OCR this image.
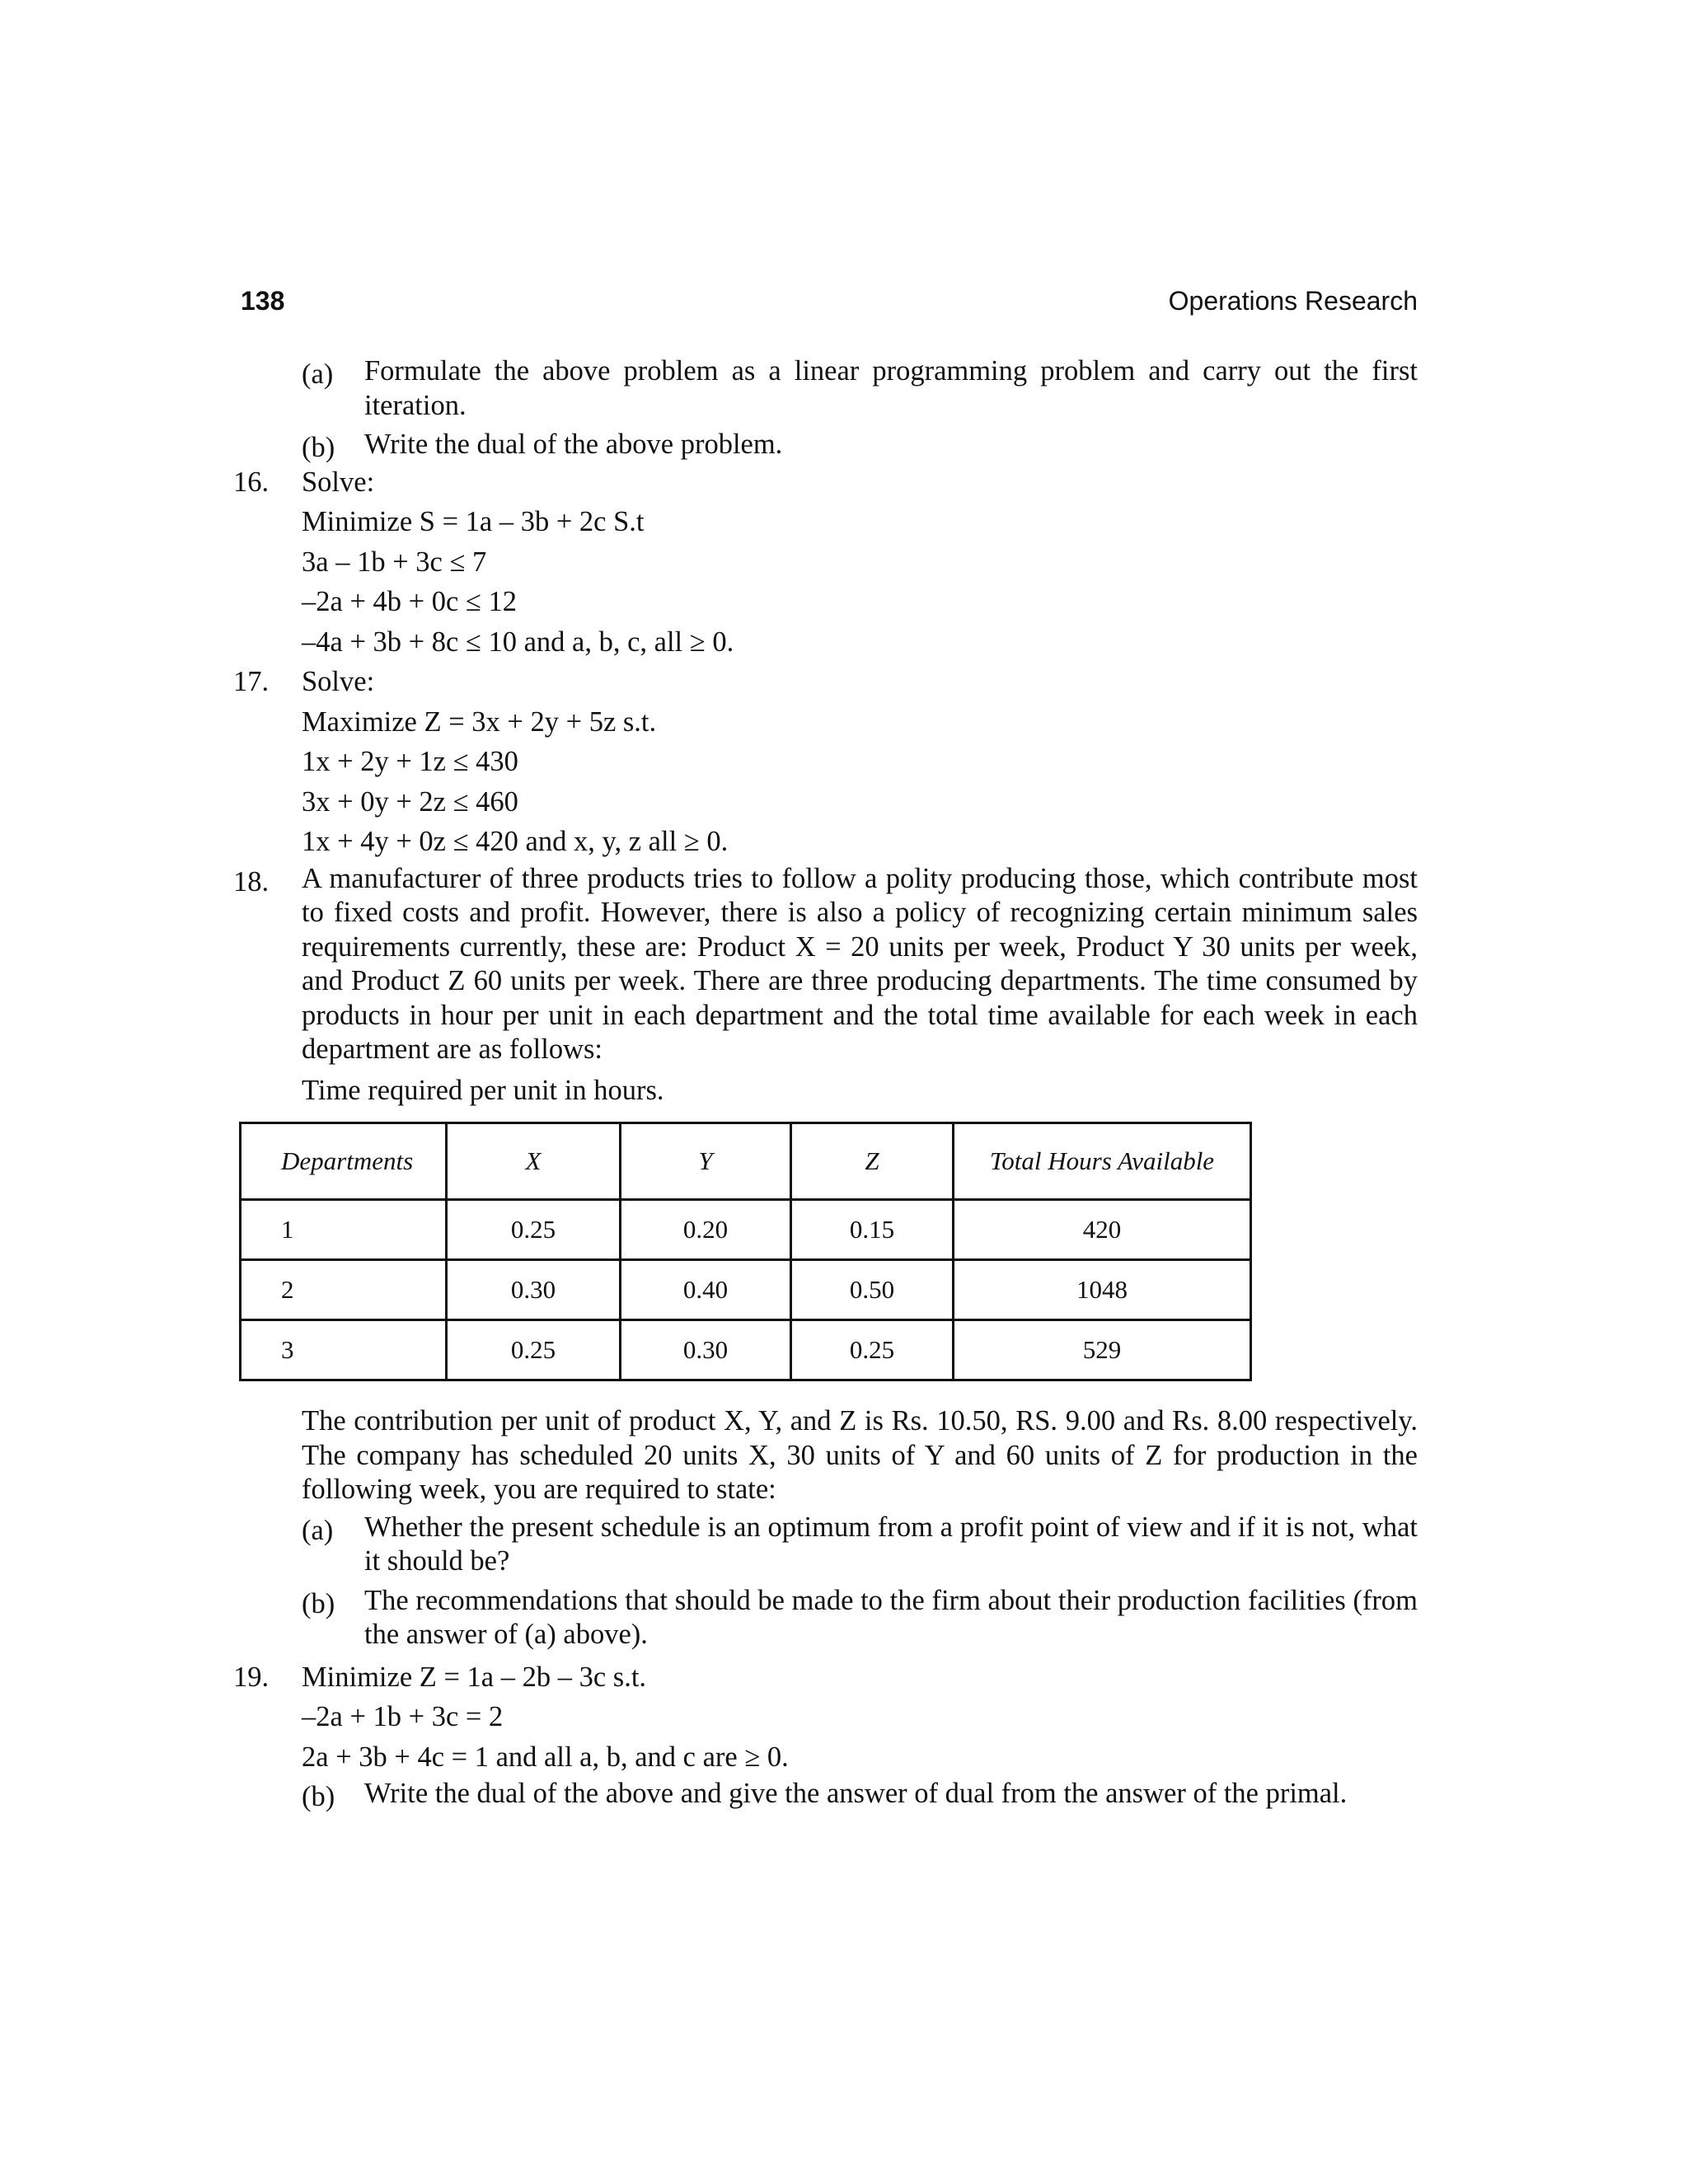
138	Operations Research
(a) Formulate the above problem as a linear programming problem and carry out the first iteration.
(b) Write the dual of the above problem.
16. Solve:
Minimize S = 1a – 3b + 2c S.t
3a – 1b + 3c ≤ 7
–2a + 4b + 0c ≤ 12
–4a + 3b + 8c ≤ 10 and a, b, c, all ≥ 0.
17. Solve:
Maximize Z = 3x + 2y + 5z s.t.
1x + 2y + 1z ≤ 430
3x + 0y + 2z ≤ 460
1x + 4y + 0z ≤ 420 and x, y, z all ≥ 0.
18. A manufacturer of three products tries to follow a polity producing those, which contribute most to fixed costs and profit. However, there is also a policy of recognizing certain minimum sales requirements currently, these are: Product X = 20 units per week, Product Y 30 units per week, and Product Z 60 units per week. There are three producing departments. The time consumed by products in hour per unit in each department and the total time available for each week in each department are as follows:
Time required per unit in hours.
Departments	X	Y	Z	Total Hours Available
1	0.25	0.20	0.15	420
2	0.30	0.40	0.50	1048
3	0.25	0.30	0.25	529
The contribution per unit of product X, Y, and Z is Rs. 10.50, RS. 9.00 and Rs. 8.00 respectively. The company has scheduled 20 units X, 30 units of Y and 60 units of Z for production in the following week, you are required to state:
(a) Whether the present schedule is an optimum from a profit point of view and if it is not, what it should be?
(b) The recommendations that should be made to the firm about their production facilities (from the answer of (a) above).
19. Minimize Z = 1a – 2b – 3c s.t.
–2a + 1b + 3c = 2
2a + 3b + 4c = 1 and all a, b, and c are ≥ 0.
(b) Write the dual of the above and give the answer of dual from the answer of the primal.
